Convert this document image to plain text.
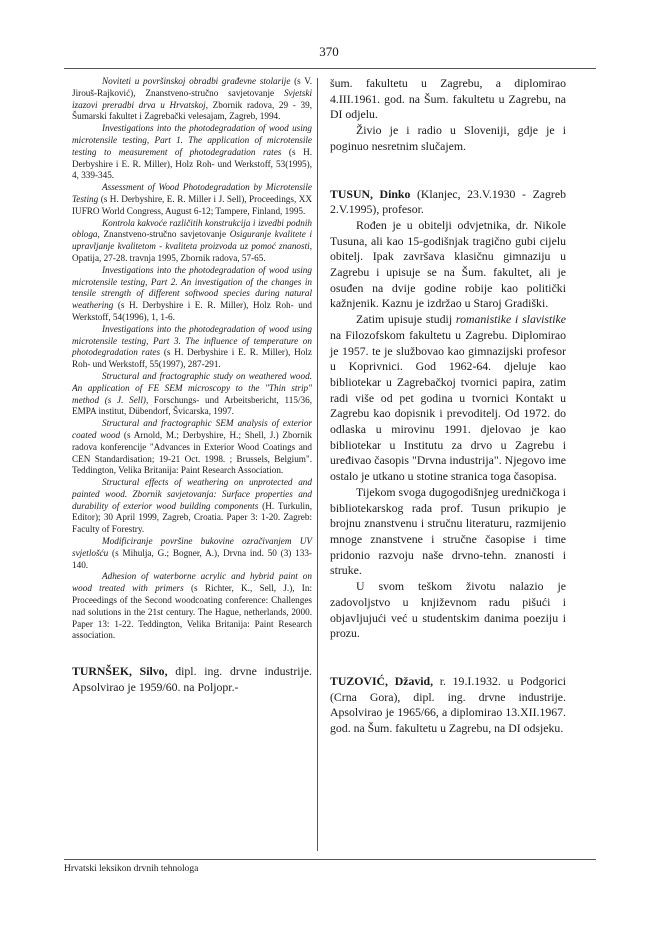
370

Noviteti u površinskoj obradbi građevne stolarije (s V. Jirouš-Rajković), Znanstveno-stručno savjetovanje Svjetski izazovi preradbi drva u Hrvatskoj, Zbornik radova, 29 - 39, Šumarski fakultet i Zagrebački velesajam, Zagreb, 1994.

Investigations into the photodegradation of wood using microtensile testing, Part 1. The application of microtensile testing to measurement of photodegradation rates (s H. Derbyshire i E. R. Miller), Holz Roh- und Werkstoff, 53(1995), 4, 339-345.

Assessment of Wood Photodegradation by Microtensile Testing (s H. Derbyshire, E. R. Miller i J. Sell), Proceedings, XX IUFRO World Congress, August 6-12; Tampere, Finland, 1995.

Kontrola kakvoće različitih konstrukcija i izvedbi podnih obloga, Znanstveno-stručno savjetovanje Osiguranje kvalitete i upravljanje kvalitetom - kvaliteta proizvoda uz pomoć znanosti, Opatija, 27-28. travnja 1995, Zbornik radova, 57-65.

Investigations into the photodegradation of wood using microtensile testing, Part 2. An investigation of the changes in tensile strength of different softwood species during natural weathering (s H. Derbyshire i E. R. Miller), Holz Roh- und Werkstoff, 54(1996), 1, 1-6.

Investigations into the photodegradation of wood using microtensile testing, Part 3. The influence of temperature on photodegradation rates (s H. Derbyshire i E. R. Miller), Holz Roh- und Werkstoff, 55(1997), 287-291.

Structural and fractographic study on weathered wood. An application of FE SEM microscopy to the "Thin strip" method (s J. Sell), Forschungs- und Arbeitsbericht, 115/36, EMPA institut, Dübendorf, Švicarska, 1997.

Structural and fractographic SEM analysis of exterior coated wood (s Arnold, M.; Derbyshire, H.; Shell, J.) Zbornik radova konferencije "Advances in Exterior Wood Coatings and CEN Standardisation; 19-21 Oct. 1998. ; Brussels, Belgium". Teddington, Velika Britanija: Paint Research Association.

Structural effects of weathering on unprotected and painted wood. Zbornik savjetovanja: Surface properties and durability of exterior wood building components (H. Turkulin, Editor); 30 April 1999, Zagreb, Croatia. Paper 3: 1-20. Zagreb: Faculty of Forestry.

Modificiranje površine bukovine ozračivanjem UV svjetlošću (s Mihulja, G.; Bogner, A.), Drvna ind. 50 (3) 133-140.

Adhesion of waterborne acrylic and hybrid paint on wood treated with primers (s Richter, K., Sell, J.), In: Proceedings of the Second woodcoating conference: Challenges nad solutions in the 21st century. The Hague, netherlands, 2000. Paper 13: 1-22. Teddington, Velika Britanija: Paint Research association.

TURNŠEK, Silvo, dipl. ing. drvne industrije. Apsolvirao je 1959/60. na Poljopr.-

šum. fakultetu u Zagrebu, a diplomirao 4.III.1961. god. na Šum. fakultetu u Zagrebu, na DI odjelu.

Živio je i radio u Sloveniji, gdje je i poginuo nesretnim slučajem.

TUSUN, Dinko (Klanjec, 23.V.1930 - Zagreb 2.V.1995), profesor.

Rođen je u obitelji odvjetnika, dr. Nikole Tusuna, ali kao 15-godišnjak tragično gubi cijelu obitelj. Ipak završava klasičnu gimnaziju u Zagrebu i upisuje se na Šum. fakultet, ali je osuđen na dvije godine robije kao politički kažnjenik. Kaznu je izdržao u Staroj Gradiški.

Zatim upisuje studij romanistike i slavistike na Filozofskom fakultetu u Zagrebu. Diplomirao je 1957. te je službovao kao gimnazijski profesor u Koprivnici. God 1962-64. djeluje kao bibliotekar u Zagrebačkoj tvornici papira, zatim radi više od pet godina u tvornici Kontakt u Zagrebu kao dopisnik i prevoditelj. Od 1972. do odlaska u mirovinu 1991. djelovao je kao bibliotekar u Institutu za drvo u Zagrebu i uređivao časopis "Drvna industrija". Njegovo ime ostalo je utkano u stotine stranica toga časopisa.

Tijekom svoga dugogodišnjeg uredničkoga i bibliotekarskog rada prof. Tusun prikupio je brojnu znanstvenu i stručnu literaturu, razmijenio mnoge znanstvene i stručne časopise i time pridonio razvoju naše drvno-tehn. znanosti i struke.

U svom teškom životu nalazio je zadovoljstvo u književnom radu pišući i objavljujući već u studentskim danima poeziju i prozu.

TUZOVIĆ, Džavid, r. 19.I.1932. u Podgorici (Crna Gora), dipl. ing. drvne industrije. Apsolvirao je 1965/66, a diplomirao 13.XII.1967. god. na Šum. fakultetu u Zagrebu, na DI odsjeku.

Hrvatski leksikon drvnih tehnologa
